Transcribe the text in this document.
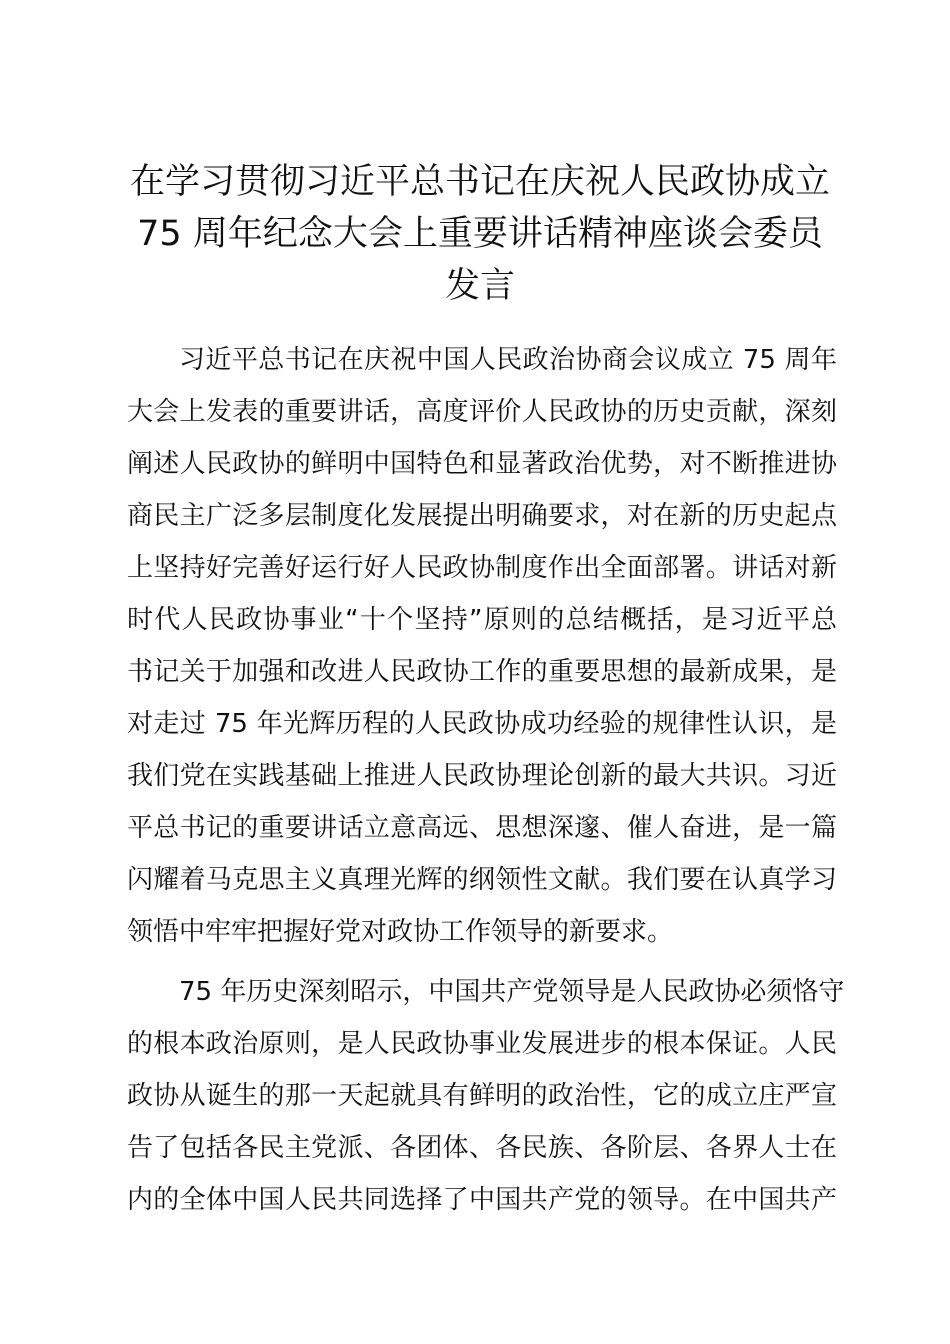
在学习贯彻习近平总书记在庆祝人民政协成立
75 周年纪念大会上重要讲话精神座谈会委员
发言
习近平总书记在庆祝中国人民政治协商会议成立 75 周年
大会上发表的重要讲话，高度评价人民政协的历史贡献，深刻
阐述人民政协的鲜明中国特色和显著政治优势，对不断推进协
商民主广泛多层制度化发展提出明确要求，对在新的历史起点
上坚持好完善好运行好人民政协制度作出全面部署。讲话对新
时代人民政协事业“十个坚持”原则的总结概括，是习近平总
书记关于加强和改进人民政协工作的重要思想的最新成果，是
对走过 75 年光辉历程的人民政协成功经验的规律性认识，是
我们党在实践基础上推进人民政协理论创新的最大共识。习近
平总书记的重要讲话立意高远、思想深邃、催人奋进，是一篇
闪耀着马克思主义真理光辉的纲领性文献。我们要在认真学习
领悟中牢牢把握好党对政协工作领导的新要求。
75 年历史深刻昭示，中国共产党领导是人民政协必须恪守
的根本政治原则，是人民政协事业发展进步的根本保证。人民
政协从诞生的那一天起就具有鲜明的政治性，它的成立庄严宣
告了包括各民主党派、各团体、各民族、各阶层、各界人士在
内的全体中国人民共同选择了中国共产党的领导。在中国共产
